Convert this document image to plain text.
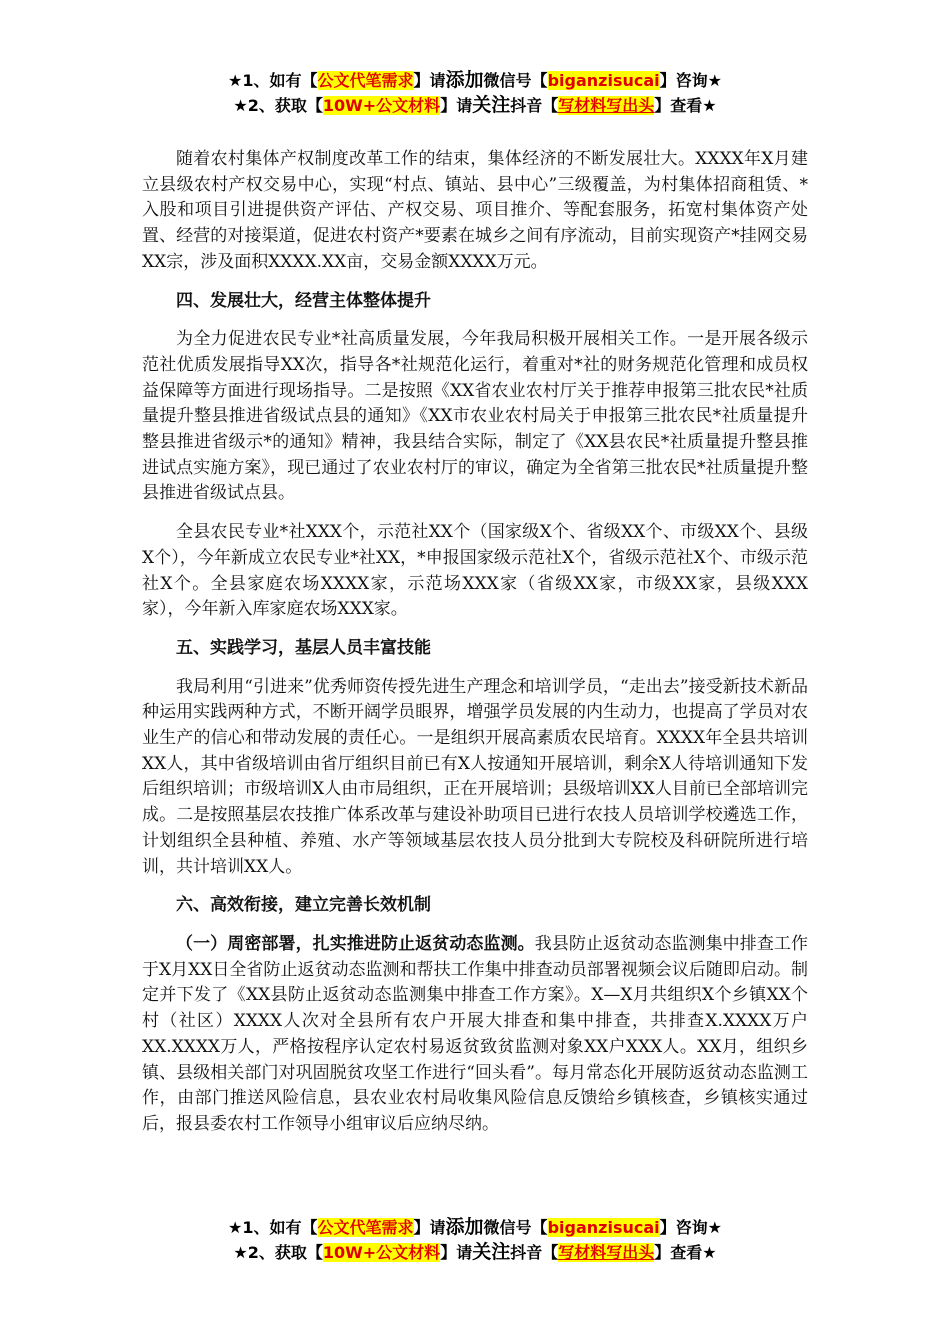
★1、如有【公文代笔需求】请添加微信号【biganzisucai】咨询★
★2、获取【10W+公文材料】请关注抖音【写材料写出头】查看★

随着农村集体产权制度改革工作的结束，集体经济的不断发展壮大。XXXX年X月建立县级农村产权交易中心，实现“村点、镇站、县中心”三级覆盖，为村集体招商租赁、*入股和项目引进提供资产评估、产权交易、项目推介、等配套服务，拓宽村集体资产处置、经营的对接渠道，促进农村资产*要素在城乡之间有序流动，目前实现资产*挂网交易XX宗，涉及面积XXXX.XX亩，交易金额XXXX万元。

四、发展壮大，经营主体整体提升

为全力促进农民专业*社高质量发展，今年我局积极开展相关工作。一是开展各级示范社优质发展指导XX次，指导各*社规范化运行，着重对*社的财务规范化管理和成员权益保障等方面进行现场指导。二是按照《XX省农业农村厅关于推荐申报第三批农民*社质量提升整县推进省级试点县的通知》《XX市农业农村局关于申报第三批农民*社质量提升整县推进省级示*的通知》精神，我县结合实际，制定了《XX县农民*社质量提升整县推进试点实施方案》，现已通过了农业农村厅的审议，确定为全省第三批农民*社质量提升整县推进省级试点县。

全县农民专业*社XXX个，示范社XX个（国家级X个、省级XX个、市级XX个、县级X个），今年新成立农民专业*社XX，*申报国家级示范社X个，省级示范社X个、市级示范社X个。全县家庭农场XXXX家，示范场XXX家（省级XX家，市级XX家，县级XXX家），今年新入库家庭农场XXX家。

五、实践学习，基层人员丰富技能

我局利用“引进来”优秀师资传授先进生产理念和培训学员，“走出去”接受新技术新品种运用实践两种方式，不断开阔学员眼界，增强学员发展的内生动力，也提高了学员对农业生产的信心和带动发展的责任心。一是组织开展高素质农民培育。XXXX年全县共培训XX人，其中省级培训由省厅组织目前已有X人按通知开展培训，剩余X人待培训通知下发后组织培训；市级培训X人由市局组织，正在开展培训；县级培训XX人目前已全部培训完成。二是按照基层农技推广体系改革与建设补助项目已进行农技人员培训学校遴选工作，计划组织全县种植、养殖、水产等领域基层农技人员分批到大专院校及科研院所进行培训，共计培训XX人。

六、高效衔接，建立完善长效机制

（一）周密部署，扎实推进防止返贫动态监测。我县防止返贫动态监测集中排查工作于X月XX日全省防止返贫动态监测和帮扶工作集中排查动员部署视频会议后随即启动。制定并下发了《XX县防止返贫动态监测集中排查工作方案》。X—X月共组织X个乡镇XX个村（社区）XXXX人次对全县所有农户开展大排查和集中排查，共排查X.XXXX万户XX.XXXX万人，严格按程序认定农村易返贫致贫监测对象XX户XXX人。XX月，组织乡镇、县级相关部门对巩固脱贫攻坚工作进行“回头看”。每月常态化开展防返贫动态监测工作，由部门推送风险信息，县农业农村局收集风险信息反馈给乡镇核查，乡镇核实通过后，报县委农村工作领导小组审议后应纳尽纳。

★1、如有【公文代笔需求】请添加微信号【biganzisucai】咨询★
★2、获取【10W+公文材料】请关注抖音【写材料写出头】查看★
